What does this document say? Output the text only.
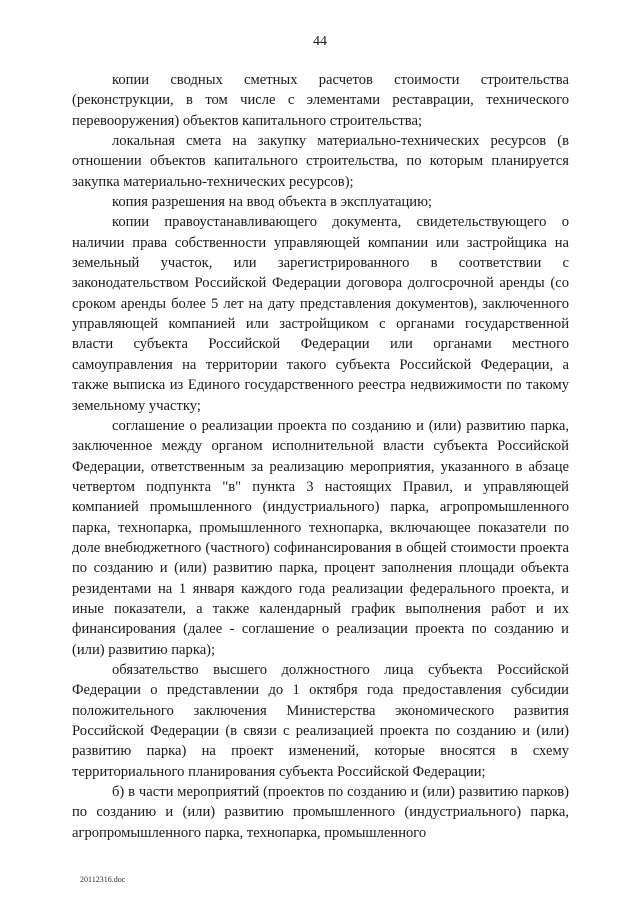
44

копии сводных сметных расчетов стоимости строительства (реконструкции, в том числе с элементами реставрации, технического перевооружения) объектов капитального строительства;

локальная смета на закупку материально-технических ресурсов (в отношении объектов капитального строительства, по которым планируется закупка материально-технических ресурсов);

копия разрешения на ввод объекта в эксплуатацию;

копии правоустанавливающего документа, свидетельствующего о наличии права собственности управляющей компании или застройщика на земельный участок, или зарегистрированного в соответствии с законодательством Российской Федерации договора долгосрочной аренды (со сроком аренды более 5 лет на дату представления документов), заключенного управляющей компанией или застройщиком с органами государственной власти субъекта Российской Федерации или органами местного самоуправления на территории такого субъекта Российской Федерации, а также выписка из Единого государственного реестра недвижимости по такому земельному участку;

соглашение о реализации проекта по созданию и (или) развитию парка, заключенное между органом исполнительной власти субъекта Российской Федерации, ответственным за реализацию мероприятия, указанного в абзаце четвертом подпункта "в" пункта 3 настоящих Правил, и управляющей компанией промышленного (индустриального) парка, агропромышленного парка, технопарка, промышленного технопарка, включающее показатели по доле внебюджетного (частного) софинансирования в общей стоимости проекта по созданию и (или) развитию парка, процент заполнения площади объекта резидентами на 1 января каждого года реализации федерального проекта, и иные показатели, а также календарный график выполнения работ и их финансирования (далее - соглашение о реализации проекта по созданию и (или) развитию парка);

обязательство высшего должностного лица субъекта Российской Федерации о представлении до 1 октября года предоставления субсидии положительного заключения Министерства экономического развития Российской Федерации (в связи с реализацией проекта по созданию и (или) развитию парка) на проект изменений, которые вносятся в схему территориального планирования субъекта Российской Федерации;

б) в части мероприятий (проектов по созданию и (или) развитию парков) по созданию и (или) развитию промышленного (индустриального) парка, агропромышленного парка, технопарка, промышленного

20112316.doc
